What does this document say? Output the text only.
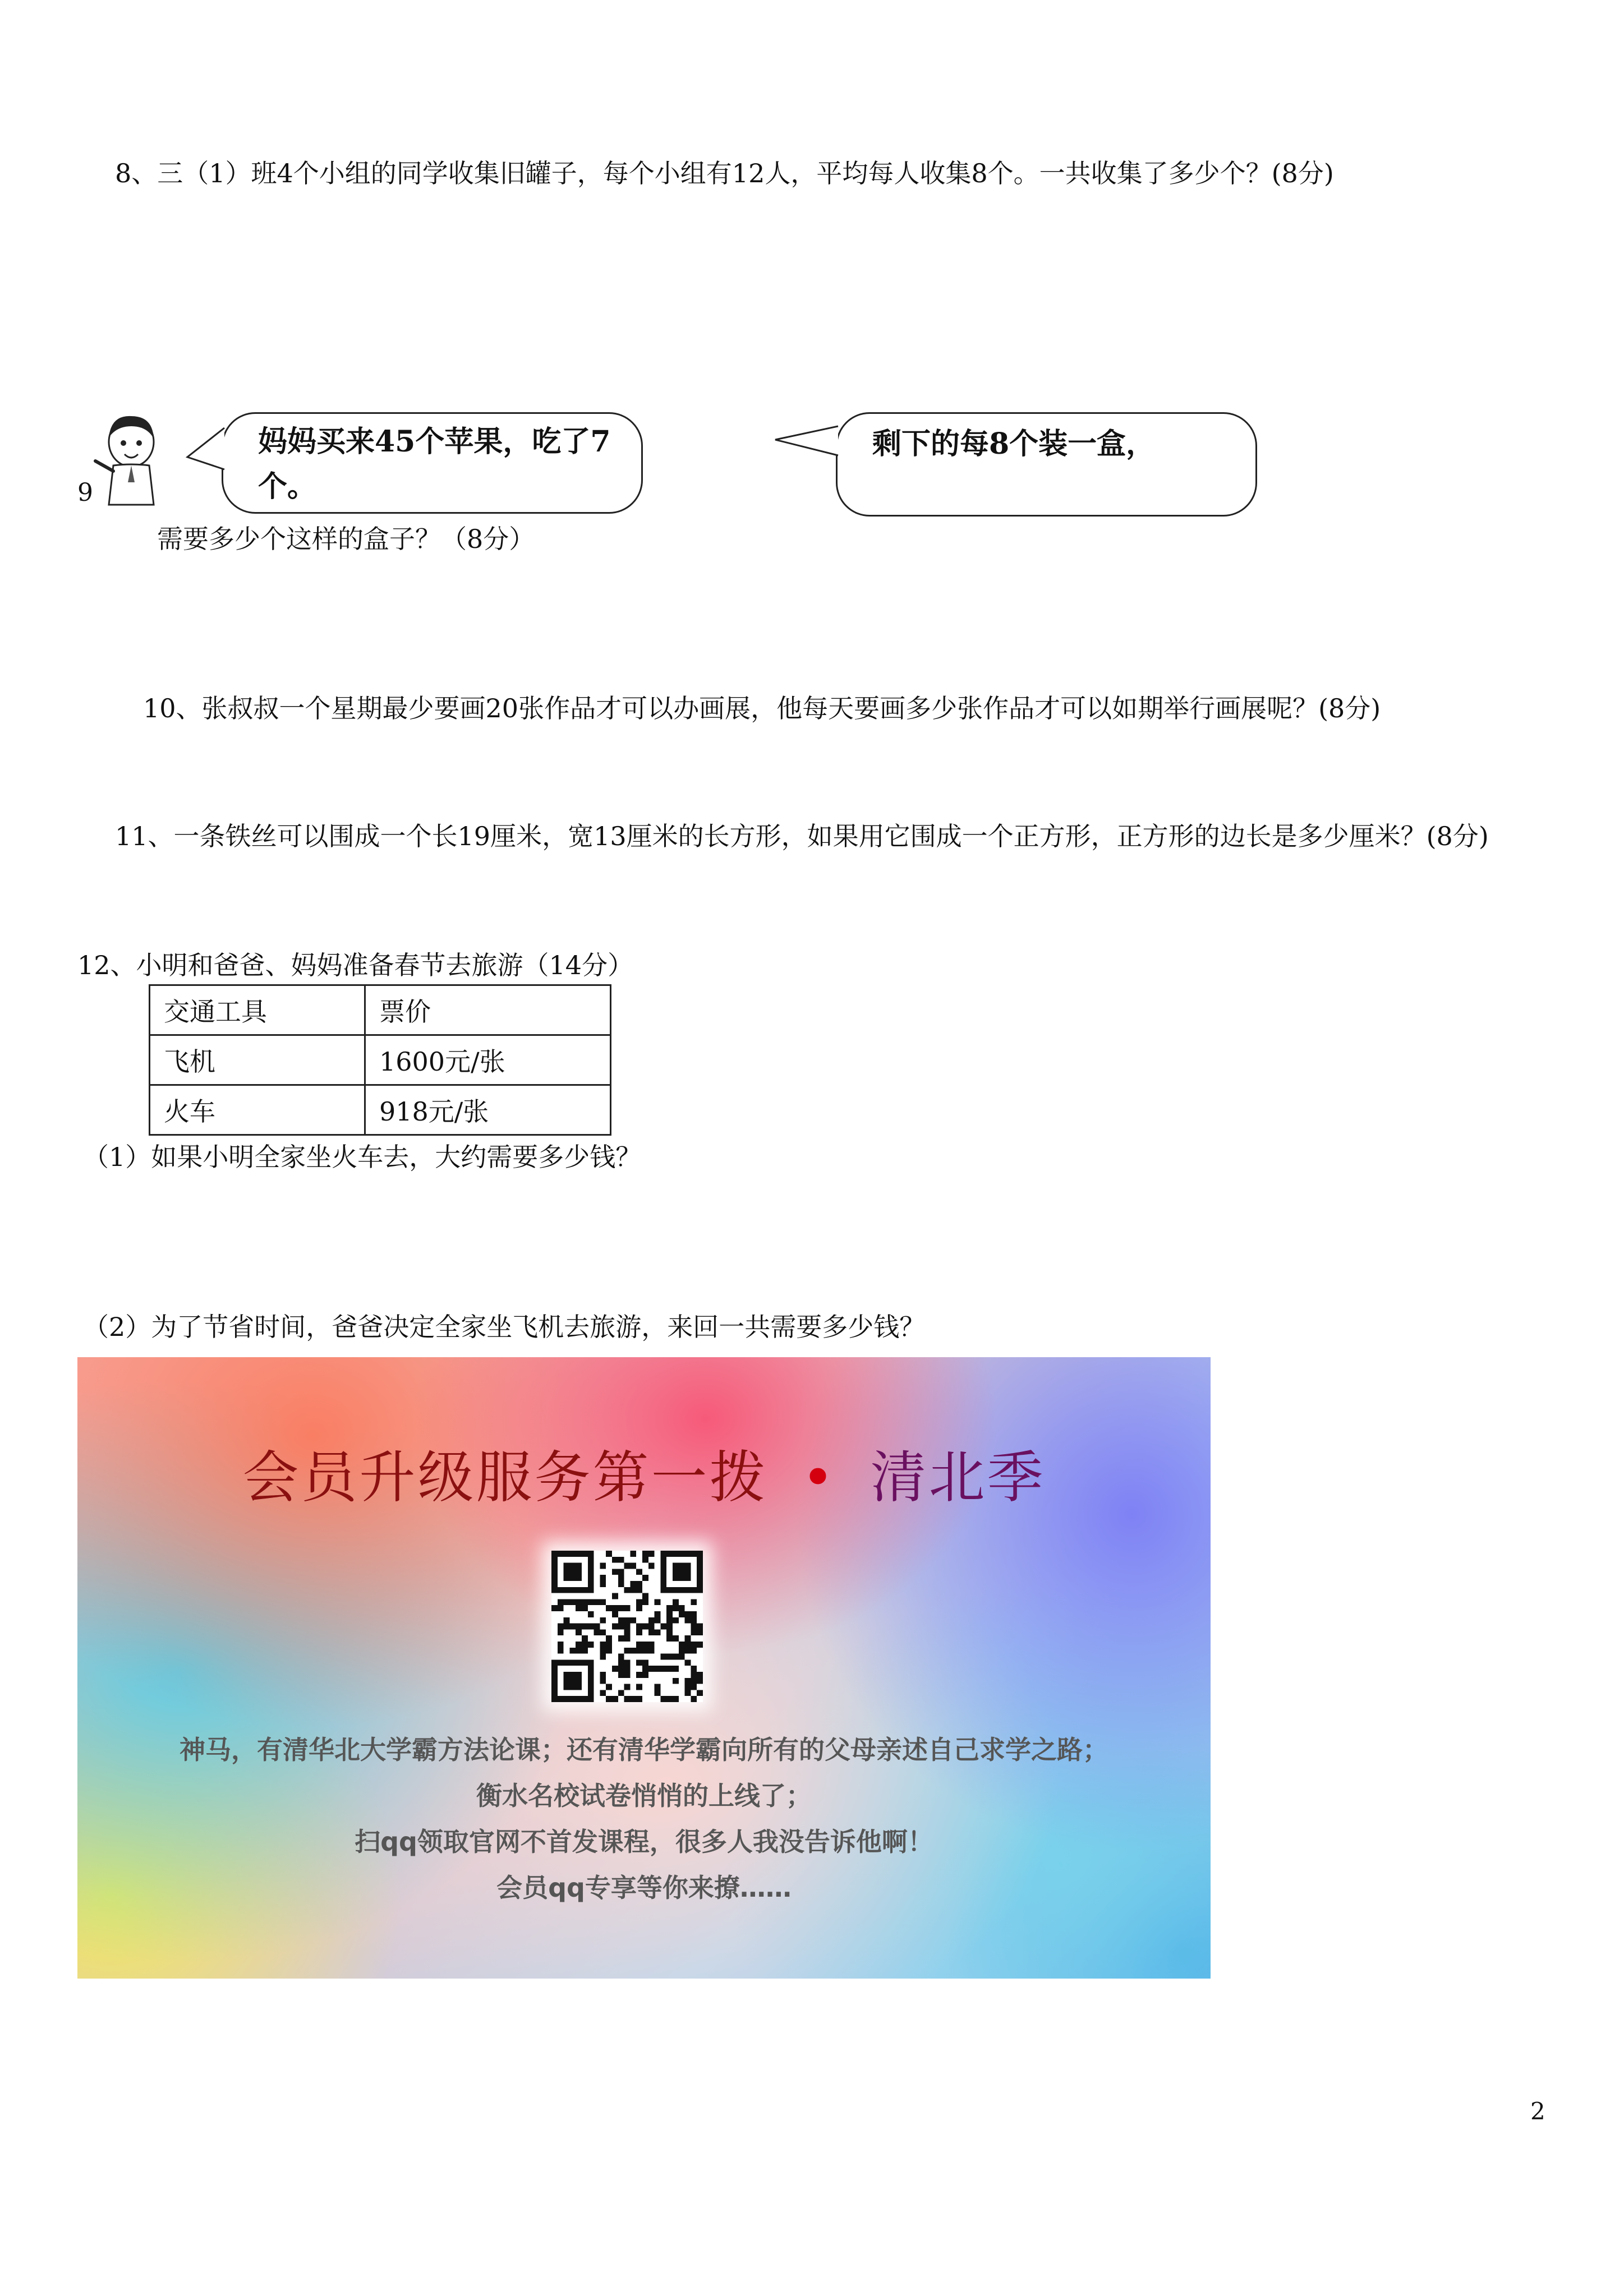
8、三（1）班4个小组的同学收集旧罐子，每个小组有12人，平均每人收集8个。一共收集了多少个？(8分)
9
妈妈买来45个苹果，吃了7个。
剩下的每8个装一盒，
需要多少个这样的盒子？（8分）
10、张叔叔一个星期最少要画20张作品才可以办画展，他每天要画多少张作品才可以如期举行画展呢？(8分)
11、一条铁丝可以围成一个长19厘米，宽13厘米的长方形，如果用它围成一个正方形，正方形的边长是多少厘米？(8分)
12、小明和爸爸、妈妈准备春节去旅游（14分）
交通工具	票价
飞机	1600元/张
火车	918元/张
（1）如果小明全家坐火车去，大约需要多少钱？
（2）为了节省时间，爸爸决定全家坐飞机去旅游，来回一共需要多少钱？
会员升级服务第一拨 • 清北季
神马，有清华北大学霸方法论课；还有清华学霸向所有的父母亲述自己求学之路；
衡水名校试卷悄悄的上线了；
扫qq领取官网不首发课程，很多人我没告诉他啊！
会员qq专享等你来撩……
2
